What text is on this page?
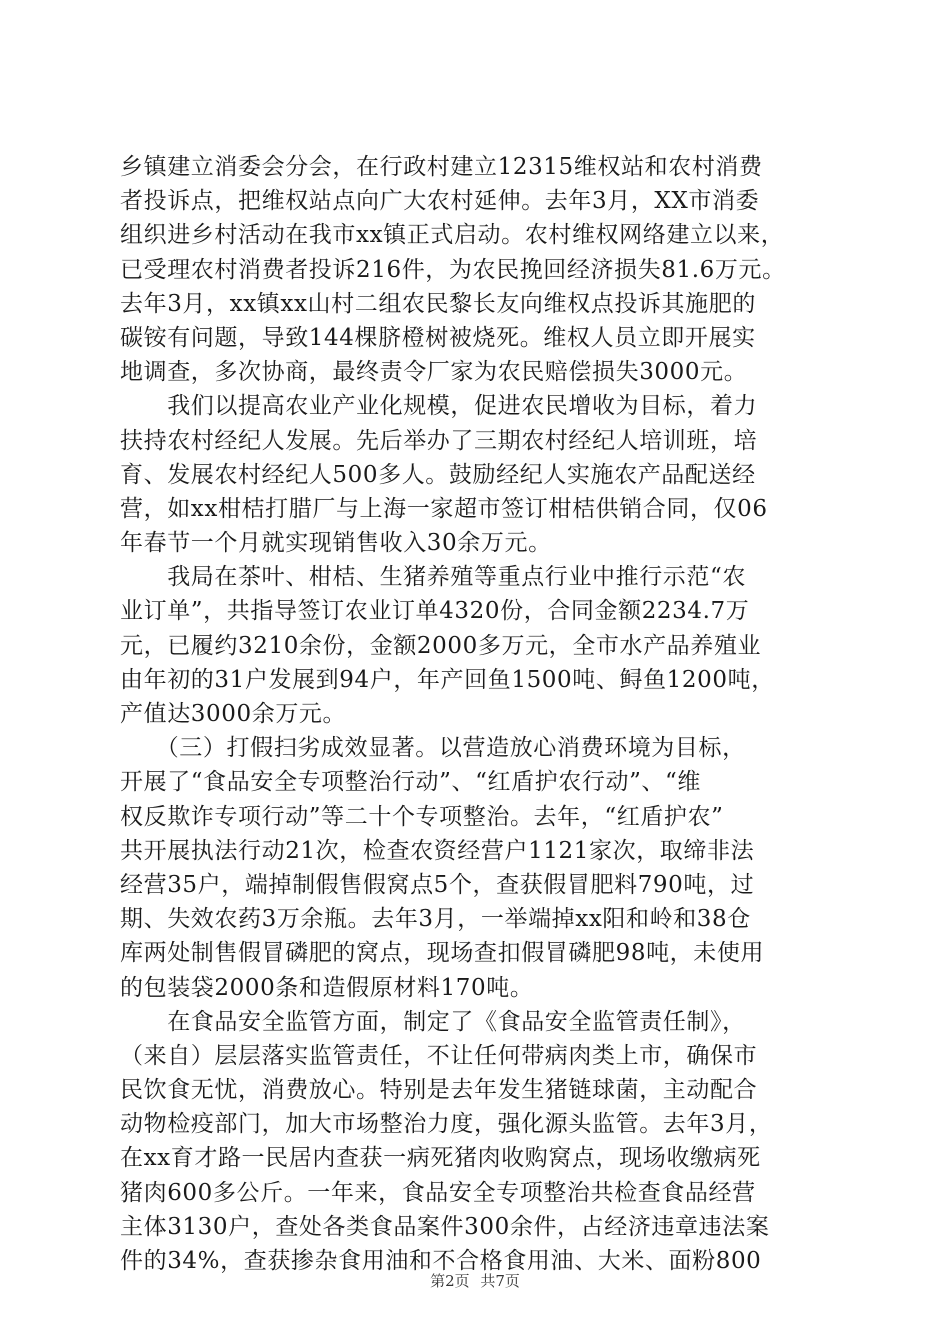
乡镇建立消委会分会，在行政村建立12315维权站和农村消费
者投诉点，把维权站点向广大农村延伸。去年3月，XX市消委
组织进乡村活动在我市xx镇正式启动。农村维权网络建立以来，
已受理农村消费者投诉216件，为农民挽回经济损失81.6万元。
去年3月，xx镇xx山村二组农民黎长友向维权点投诉其施肥的
碳铵有问题，导致144棵脐橙树被烧死。维权人员立即开展实
地调查，多次协商，最终责令厂家为农民赔偿损失3000元。
　　我们以提高农业产业化规模，促进农民增收为目标，着力
扶持农村经纪人发展。先后举办了三期农村经纪人培训班，培
育、发展农村经纪人500多人。鼓励经纪人实施农产品配送经
营，如xx柑桔打腊厂与上海一家超市签订柑桔供销合同，仅06
年春节一个月就实现销售收入30余万元。
　　我局在茶叶、柑桔、生猪养殖等重点行业中推行示范“农
业订单”，共指导签订农业订单4320份，合同金额2234.7万
元，已履约3210余份，金额2000多万元，全市水产品养殖业
由年初的31户发展到94户，年产回鱼1500吨、鲟鱼1200吨，
产值达3000余万元。
　　（三）打假扫劣成效显著。以营造放心消费环境为目标，
开展了“食品安全专项整治行动”、“红盾护农行动”、“维
权反欺诈专项行动”等二十个专项整治。去年，“红盾护农”
共开展执法行动21次，检查农资经营户1121家次，取缔非法
经营35户，端掉制假售假窝点5个，查获假冒肥料790吨，过
期、失效农药3万余瓶。去年3月，一举端掉xx阳和岭和38仓
库两处制售假冒磷肥的窝点，现场查扣假冒磷肥98吨，未使用
的包装袋2000条和造假原材料170吨。
　　在食品安全监管方面，制定了《食品安全监管责任制》，
（来自）层层落实监管责任，不让任何带病肉类上市，确保市
民饮食无忧，消费放心。特别是去年发生猪链球菌，主动配合
动物检疫部门，加大市场整治力度，强化源头监管。去年3月，
在xx育才路一民居内查获一病死猪肉收购窝点，现场收缴病死
猪肉600多公斤。一年来，食品安全专项整治共检查食品经营
主体3130户，查处各类食品案件300余件，占经济违章违法案
件的34%，查获掺杂食用油和不合格食用油、大米、面粉800
第2页 共7页
